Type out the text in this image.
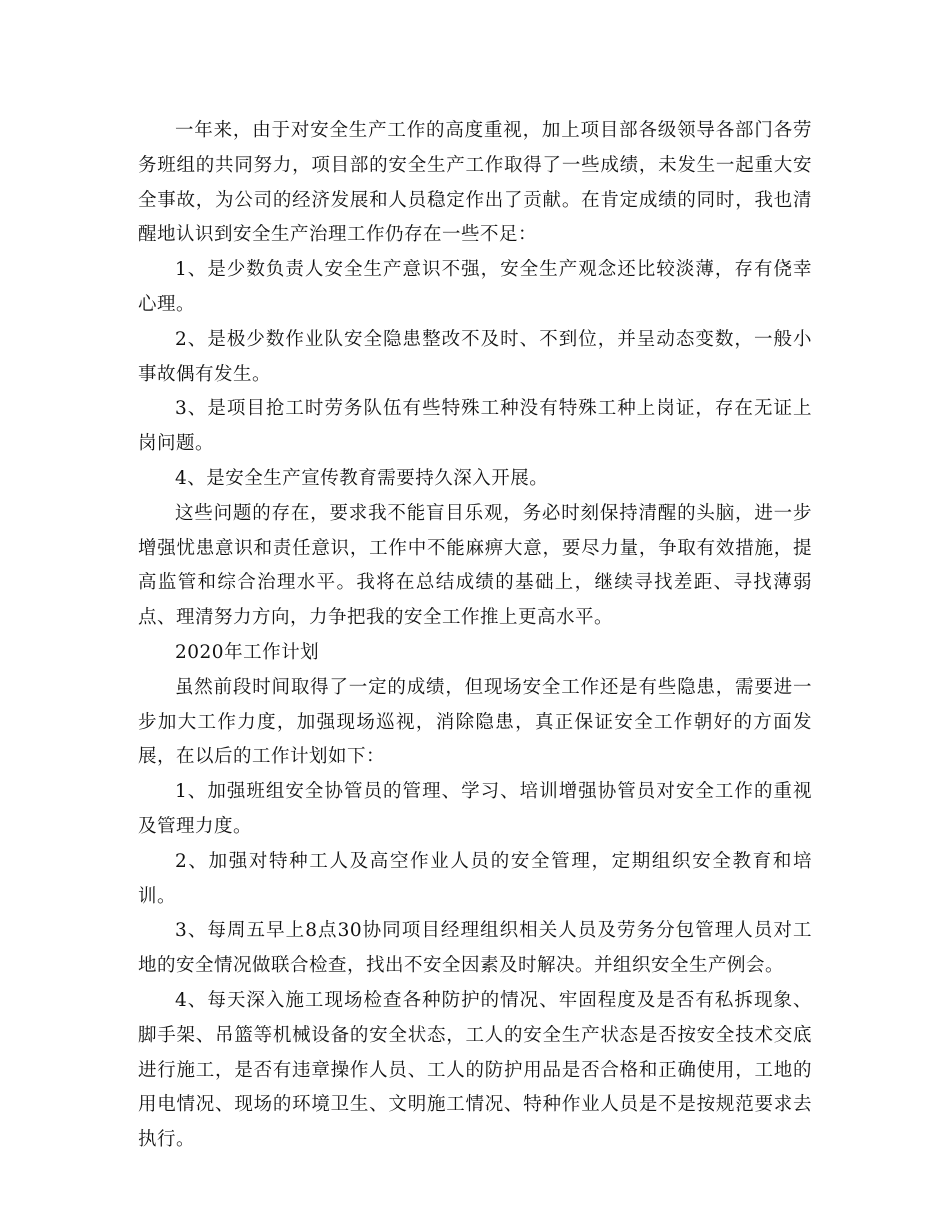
一年来，由于对安全生产工作的高度重视，加上项目部各级领导各部门各劳务班组的共同努力，项目部的安全生产工作取得了一些成绩，未发生一起重大安全事故，为公司的经济发展和人员稳定作出了贡献。在肯定成绩的同时，我也清醒地认识到安全生产治理工作仍存在一些不足：

1、是少数负责人安全生产意识不强，安全生产观念还比较淡薄，存有侥幸心理。

2、是极少数作业队安全隐患整改不及时、不到位，并呈动态变数，一般小事故偶有发生。

3、是项目抢工时劳务队伍有些特殊工种没有特殊工种上岗证，存在无证上岗问题。

4、是安全生产宣传教育需要持久深入开展。

这些问题的存在，要求我不能盲目乐观，务必时刻保持清醒的头脑，进一步增强忧患意识和责任意识，工作中不能麻痹大意，要尽力量，争取有效措施，提高监管和综合治理水平。我将在总结成绩的基础上，继续寻找差距、寻找薄弱点、理清努力方向，力争把我的安全工作推上更高水平。

2020年工作计划

虽然前段时间取得了一定的成绩，但现场安全工作还是有些隐患，需要进一步加大工作力度，加强现场巡视，消除隐患，真正保证安全工作朝好的方面发展，在以后的工作计划如下：

1、加强班组安全协管员的管理、学习、培训增强协管员对安全工作的重视及管理力度。

2、加强对特种工人及高空作业人员的安全管理，定期组织安全教育和培训。

3、每周五早上8点30协同项目经理组织相关人员及劳务分包管理人员对工地的安全情况做联合检查，找出不安全因素及时解决。并组织安全生产例会。

4、每天深入施工现场检查各种防护的情况、牢固程度及是否有私拆现象、脚手架、吊篮等机械设备的安全状态，工人的安全生产状态是否按安全技术交底进行施工，是否有违章操作人员、工人的防护用品是否合格和正确使用，工地的用电情况、现场的环境卫生、文明施工情况、特种作业人员是不是按规范要求去执行。
